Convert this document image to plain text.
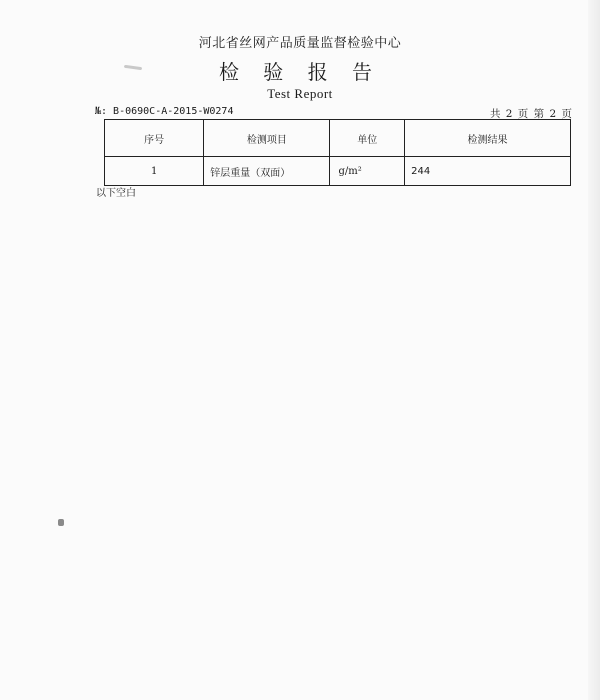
河北省丝网产品质量监督检验中心
检 验 报 告
Test Report
№: B-0690C-A-2015-W0274	共 2 页 第 2 页
序号	检测项目	单位	检测结果
1	锌层重量（双面）	g/m²	244
以下空白
